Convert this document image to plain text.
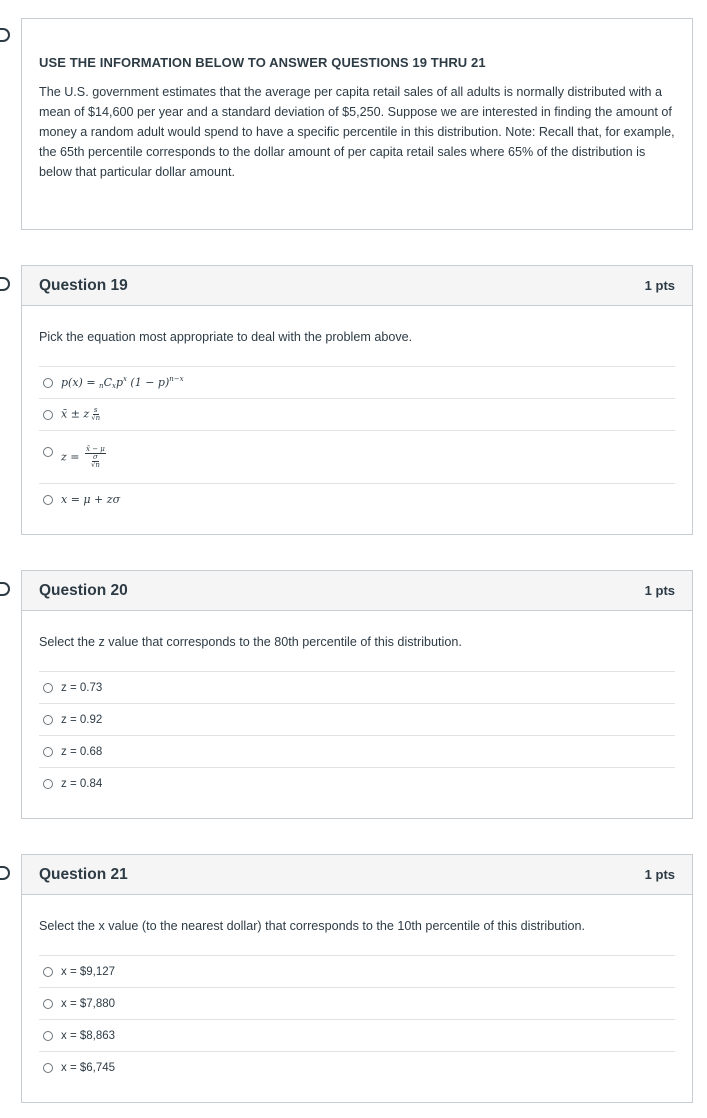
USE THE INFORMATION BELOW TO ANSWER QUESTIONS 19 THRU 21

The U.S. government estimates that the average per capita retail sales of all adults is normally distributed with a mean of $14,600 per year and a standard deviation of $5,250. Suppose we are interested in finding the amount of money a random adult would spend to have a specific percentile in this distribution. Note: Recall that, for example, the 65th percentile corresponds to the dollar amount of per capita retail sales where 65% of the distribution is below that particular dollar amount.

Question 19	1 pts

Pick the equation most appropriate to deal with the problem above.

$p(x) = _nC_xp^x$ $(1 - p)^{n-x}$
x̄ ± z $\frac{s}{√n}$
$z = \frac{x̄ - \mu}{\frac{\sigma}{√n}}$
x = μ + zσ
Question 20	1 pts

Select the z value that corresponds to the 80th percentile of this distribution.

z = 0.73
z = 0.92
z = 0.68
z = 0.84
Question 21	1 pts

Select the x value (to the nearest dollar) that corresponds to the 10th percentile of this distribution.

x = $9,127
x = $7,880
x = $8,863
x = $6,745
